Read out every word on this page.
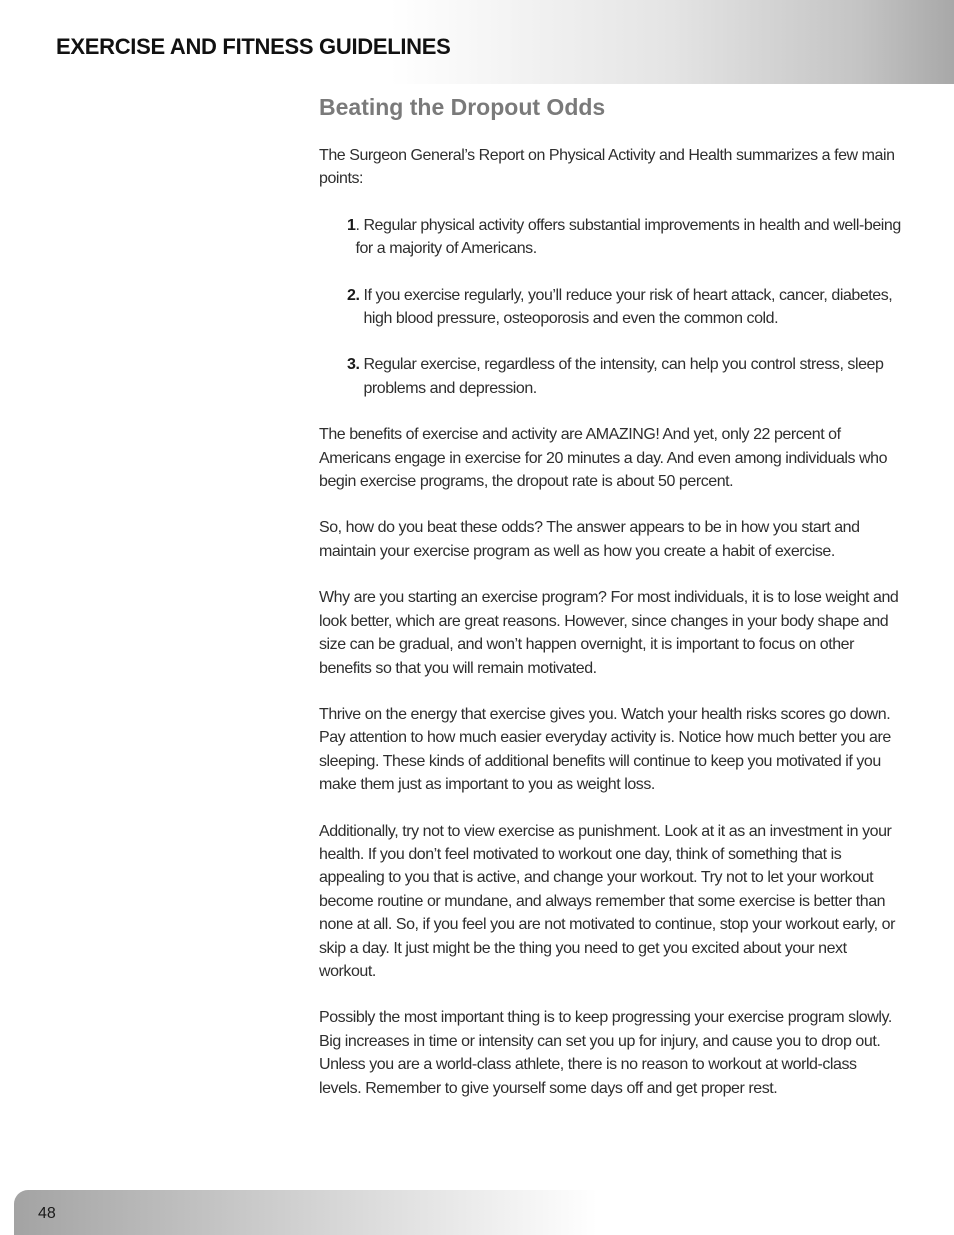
EXERCISE AND FITNESS GUIDELINES
Beating the Dropout Odds

The Surgeon General’s Report on Physical Activity and Health summarizes a few main points:

1 . Regular physical activity offers substantial improvements in health and well-being for a majority of Americans.
2. If you exercise regularly, you’ll reduce your risk of heart attack, cancer, diabetes, high blood pressure, osteoporosis and even the common cold.
3. Regular exercise, regardless of the intensity, can help you control stress, sleep problems and depression.

The benefits of exercise and activity are AMAZING! And yet, only 22 percent of Americans engage in exercise for 20 minutes a day. And even among individuals who begin exercise programs, the dropout rate is about 50 percent.

So, how do you beat these odds? The answer appears to be in how you start and maintain your exercise program as well as how you create a habit of exercise.

Why are you starting an exercise program? For most individuals, it is to lose weight and look better, which are great reasons. However, since changes in your body shape and size can be gradual, and won’t happen overnight, it is important to focus on other benefits so that you will remain motivated.

Thrive on the energy that exercise gives you. Watch your health risks scores go down. Pay attention to how much easier everyday activity is. Notice how much better you are sleeping. These kinds of additional benefits will continue to keep you motivated if you make them just as important to you as weight loss.

Additionally, try not to view exercise as punishment. Look at it as an investment in your health. If you don’t feel motivated to workout one day, think of something that is appealing to you that is active, and change your workout. Try not to let your workout become routine or mundane, and always remember that some exercise is better than none at all. So, if you feel you are not motivated to continue, stop your workout early, or skip a day. It just might be the thing you need to get you excited about your next workout.

Possibly the most important thing is to keep progressing your exercise program slowly. Big increases in time or intensity can set you up for injury, and cause you to drop out. Unless you are a world-class athlete, there is no reason to workout at world-class levels. Remember to give yourself some days off and get proper rest.

48
